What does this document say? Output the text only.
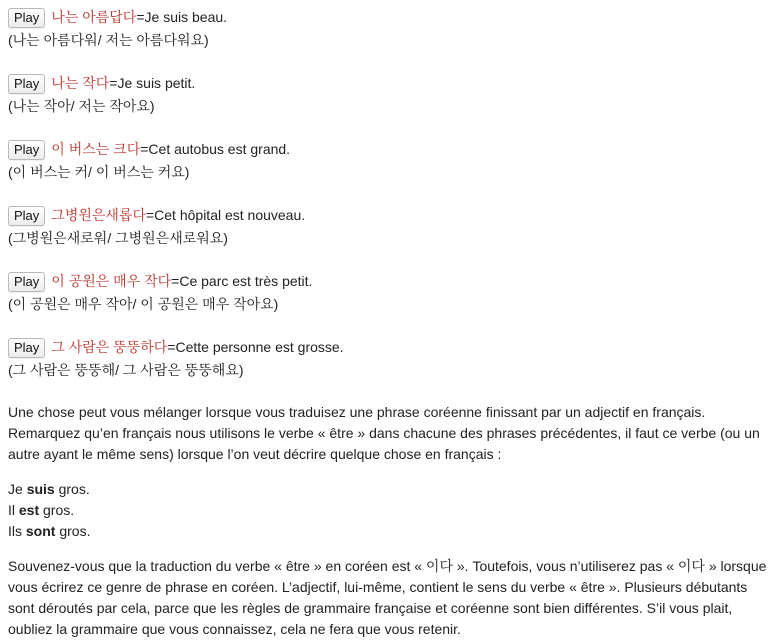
Play 나는 아름답다 = Je suis beau.
(나는 아름다워/ 저는 아름다워요)
Play 나는 작다 = Je suis petit.
(나는 작아/ 저는 작아요)
Play 이 버스는 크다 = Cet autobus est grand.
(이 버스는 커/ 이 버스는 커요)
Play 그병원은새롭다 = Cet hôpital est nouveau.
(그병원은새로워/ 그병원은새로워요)
Play 이 공원은 매우 작다 = Ce parc est très petit.
(이 공원은 매우 작아/ 이 공원은 매우 작아요)
Play 그 사람은 뚱뚱하다 = Cette personne est grosse.
(그 사람은 뚱뚱해/ 그 사람은 뚱뚱해요)

Une chose peut vous mélanger lorsque vous traduisez une phrase coréenne finissant par un adjectif en français. Remarquez qu’en français nous utilisons le verbe « être » dans chacune des phrases précédentes, il faut ce verbe (ou un autre ayant le même sens) lorsque l’on veut décrire quelque chose en français :

Je suis gros.
Il est gros.
Ils sont gros.

Souvenez-vous que la traduction du verbe « être » en coréen est « 이다 ». Toutefois, vous n’utiliserez pas « 이다 » lorsque vous écrirez ce genre de phrase en coréen. L’adjectif, lui-même, contient le sens du verbe « être ». Plusieurs débutants sont déroutés par cela, parce que les règles de grammaire française et coréenne sont bien différentes. S’il vous plait, oubliez la grammaire que vous connaissez, cela ne fera que vous retenir.
